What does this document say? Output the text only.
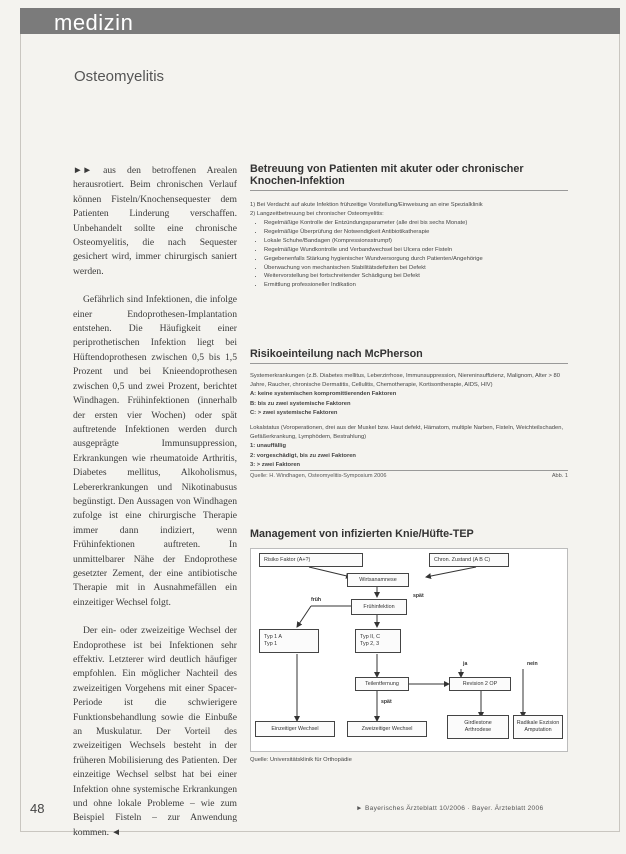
medizin
Osteomyelitis

►► aus den betroffenen Arealen herausrotiert. Beim chronischen Verlauf können Fisteln/Knochensequester dem Patienten Linderung verschaffen. Unbehandelt sollte eine chronische Osteomyelitis, die nach Sequester gesichert wird, immer chirurgisch saniert werden.

Gefährlich sind Infektionen, die infolge einer Endoprothesen-Implantation entstehen. Die Häufigkeit einer periprothetischen Infektion liegt bei Hüftendoprothesen zwischen 0,5 bis 1,5 Prozent und bei Knieendoprothesen zwischen 0,5 und zwei Prozent, berichtet Windhagen. Frühinfektionen (innerhalb der ersten vier Wochen) oder spät auftretende Infektionen werden durch ausgeprägte Immunsuppression, Erkrankungen wie rheumatoide Arthritis, Diabetes mellitus, Alkoholismus, Lebererkrankungen und Nikotinabusus begünstigt. Den Aussagen von Windhagen zufolge ist eine chirurgische Therapie immer dann indiziert, wenn Frühinfektionen auftreten. In unmittelbarer Nähe der Endoprothese gesetzter Zement, der eine antibiotische Therapie mit in Ausnahmefällen ein einzeitiger Wechsel folgt.

Der ein- oder zweizeitige Wechsel der Endoprothese ist bei Infektionen sehr effektiv. Letzterer wird deutlich häufiger empfohlen. Ein möglicher Nachteil des zweizeitigen Vorgehens mit einer Spacer-Periode ist die schwierigere Funktionsbehandlung sowie die Einbuße an Muskulatur. Der Vorteil des zweizeitigen Wechsels besteht in der früheren Mobilisierung des Patienten. Der einzeitige Wechsel selbst hat bei einer Infektion ohne systemische Erkrankungen und ohne lokale Probleme – wie zum Beispiel Fisteln – zur Anwendung kommen. ◄

Betreuung von Patienten mit akuter oder chronischer Knochen-Infektion

1) Bei Verdacht auf akute Infektion frühzeitige Vorstellung/Einweisung an eine Spezialklinik

2) Langzeitbetreuung bei chronischer Osteomyelitis:

• Regelmäßige Kontrolle der Entzündungsparameter (alle drei bis sechs Monate)
• Regelmäßige Überprüfung der Notwendigkeit Antibiotikatherapie
• Lokale Schuhe/Bandagen (Kompressionsstrumpf)
• Regelmäßige Wundkontrolle und Verbandwechsel bei Ulcera oder Fisteln
• Gegebenenfalls Stärkung hygienischer Wundversorgung durch Patienten/Angehörige
• Überwachung von mechanischen Stabilitätsdefiziten bei Defekt
• Weitervorstellung bei fortschreitender Schädigung bei Defekt
• Ermittlung professioneller Indikation
Risikoeinteilung nach McPherson

Systemerkrankungen (z.B. Diabetes mellitus, Leberzirrhose, Immunsuppression, Niereninsuffizienz, Malignom, Alter > 80 Jahre, Raucher, chronische Dermatitis, Cellulitis, Chemotherapie, Kortisontherapie, AIDS, HIV)

A: keine systemischen kompromittierenden Faktoren

B: bis zu zwei systemische Faktoren

C: > zwei systemische Faktoren

Lokalstatus (Voroperationen, drei aus der Muskel bzw. Haut defekt, Hämatom, multiple Narben, Fisteln, Weichteilschaden, Gefäßerkrankung, Lymphödem, Bestrahlung)

1: unauffällig

2: vorgeschädigt, bis zu zwei Faktoren

3: > zwei Faktoren

Quelle: H. Windhagen, Osteomyelitis-Symposium 2006	Abb. 1
Management von infizierten Knie/Hüfte-TEP
Risiko Faktor (A+?)	Chron. Zustand (A B C)
Wirtsanamnese
Frühinfektion
Typ 1 A
Typ 1
Typ II, C
Typ 2, 3
Teilentfernung	Revision 2 OP
Einzeitiger Wechsel	Zweizeitiger Wechsel
Girdlestone
Arthrodese
Radikale Exzision
Amputation
früh
spät
ja	nein
spät
Quelle: Universitätsklinik für Orthopädie
48	► Bayerisches Ärzteblatt 10/2006 · Bayer. Ärzteblatt 2006
